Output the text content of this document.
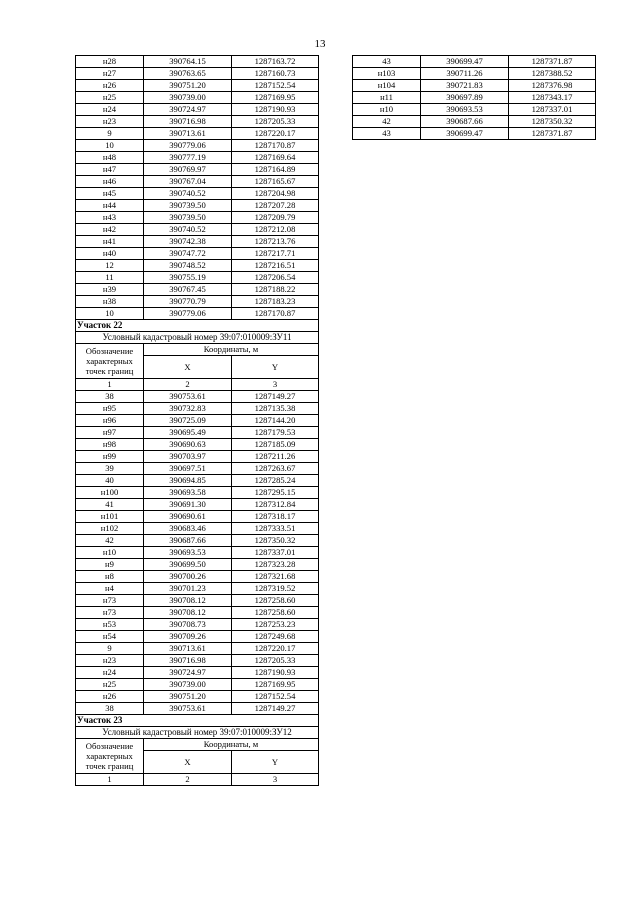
13
н28	390764.15	1287163.72
н27	390763.65	1287160.73
н26	390751.20	1287152.54
н25	390739.00	1287169.95
н24	390724.97	1287190.93
н23	390716.98	1287205.33
9	390713.61	1287220.17
10	390779.06	1287170.87
н48	390777.19	1287169.64
н47	390769.97	1287164.89
н46	390767.04	1287165.67
н45	390740.52	1287204.98
н44	390739.50	1287207.28
н43	390739.50	1287209.79
н42	390740.52	1287212.08
н41	390742.38	1287213.76
н40	390747.72	1287217.71
12	390748.52	1287216.51
11	390755.19	1287206.54
н39	390767.45	1287188.22
н38	390770.79	1287183.23
10	390779.06	1287170.87
Участок 22		
Условный кадастровый номер 39:07:010009:ЗУ11		
Обозначение характерных точек границ	Координаты, м	
	X	Y
1	2	3
38	390753.61	1287149.27
н95	390732.83	1287135.38
н96	390725.09	1287144.20
н97	390695.49	1287179.53
н98	390690.63	1287185.09
н99	390703.97	1287211.26
39	390697.51	1287263.67
40	390694.85	1287285.24
н100	390693.58	1287295.15
41	390691.30	1287312.84
н101	390690.61	1287318.17
н102	390683.46	1287333.51
42	390687.66	1287350.32
н10	390693.53	1287337.01
н9	390699.50	1287323.28
н8	390700.26	1287321.68
н4	390701.23	1287319.52
н73	390708.12	1287258.60
н73	390708.12	1287258.60
н53	390708.73	1287253.23
н54	390709.26	1287249.68
9	390713.61	1287220.17
н23	390716.98	1287205.33
н24	390724.97	1287190.93
н25	390739.00	1287169.95
н26	390751.20	1287152.54
38	390753.61	1287149.27
Участок 23		
Условный кадастровый номер 39:07:010009:ЗУ12		
Обозначение характерных точек границ	Координаты, м	
	X	Y
1	2	3
43	390699.47	1287371.87
н103	390711.26	1287388.52
н104	390721.83	1287376.98
н11	390697.89	1287343.17
н10	390693.53	1287337.01
42	390687.66	1287350.32
43	390699.47	1287371.87
